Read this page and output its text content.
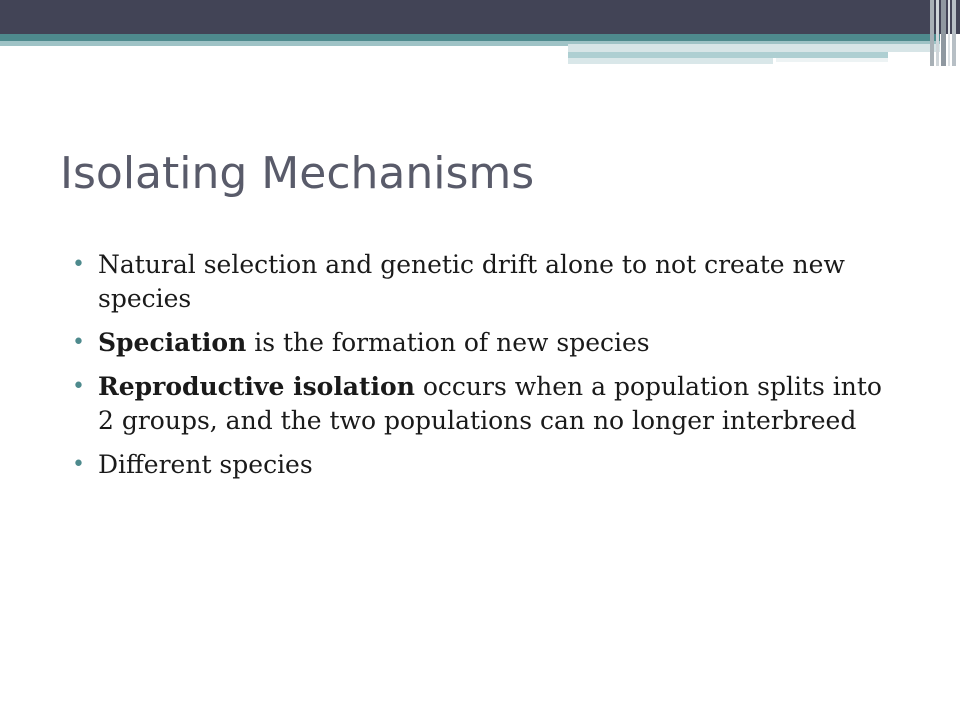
Isolating Mechanisms
• Natural selection and genetic drift alone to not create new species
• Speciation is the formation of new species
• Reproductive isolation occurs when a population splits into 2 groups, and the two populations can no longer interbreed
• Different species
